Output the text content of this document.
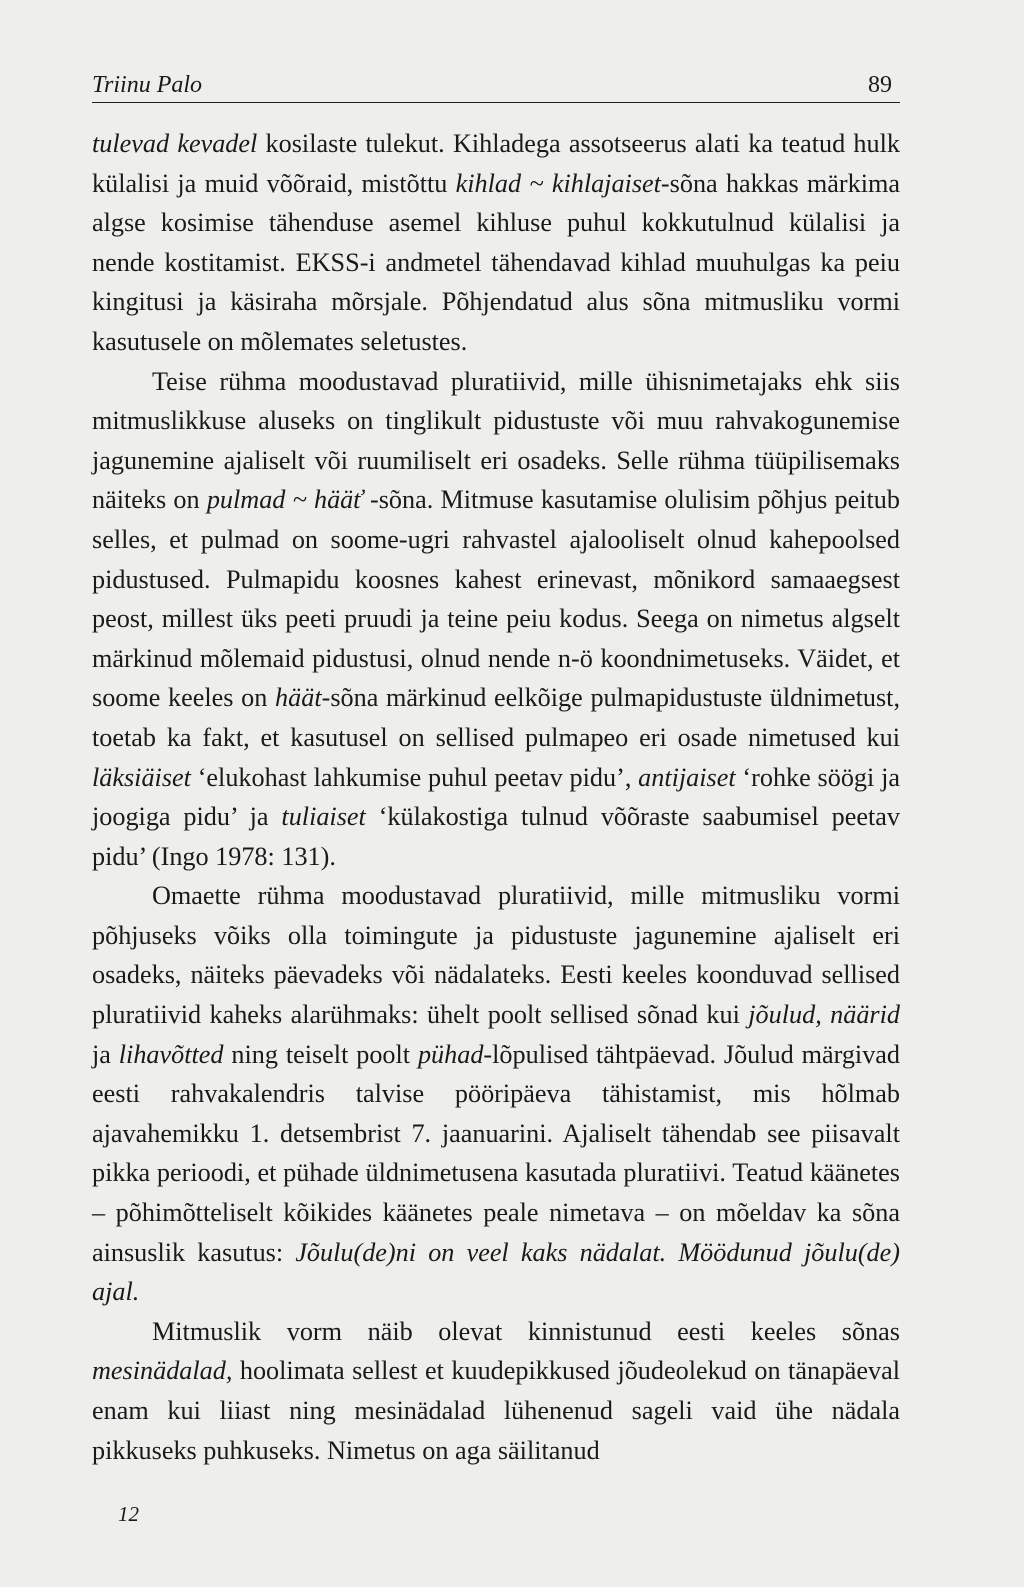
Triinu Palo	89

tulevad kevadel kosilaste tulekut. Kihladega assotseerus alati ka teatud hulk külalisi ja muid võõraid, mistõttu kihlad ~ kihlajaiset-sõna hakkas märkima algse kosimise tähenduse asemel kihluse puhul kokkutulnud külalisi ja nende kostitamist. EKSS-i andmetel tähendavad kihlad muuhulgas ka peiu kingitusi ja käsiraha mõrsjale. Põhjendatud alus sõna mitmusliku vormi kasutusele on mõlemates seletustes.

Teise rühma moodustavad pluratiivid, mille ühisnimetajaks ehk siis mitmuslikkuse aluseks on tinglikult pidustuste või muu rahvakogunemise jagunemine ajaliselt või ruumiliselt eri osadeks. Selle rühma tüüpilisemaks näiteks on pulmad ~ hääť -sõna. Mitmuse kasutamise olulisim põhjus peitub selles, et pulmad on soome-ugri rahvastel ajalooliselt olnud kahepoolsed pidustused. Pulmapidu koosnes kahest erinevast, mõnikord samaaegsest peost, millest üks peeti pruudi ja teine peiu kodus. Seega on nimetus algselt märkinud mõlemaid pidustusi, olnud nende n-ö koondnimetuseks. Väidet, et soome keeles on häät-sõna märkinud eelkõige pulmapidustuste üldnimetust, toetab ka fakt, et kasutusel on sellised pulmapeo eri osade nimetused kui läksiäiset ‘elukohast lahkumise puhul peetav pidu’, antijaiset ‘rohke söögi ja joogiga pidu’ ja tuliaiset ‘külakostiga tulnud võõraste saabumisel peetav pidu’ (Ingo 1978: 131).

Omaette rühma moodustavad pluratiivid, mille mitmusliku vormi põhjuseks võiks olla toimingute ja pidustuste jagunemine ajaliselt eri osadeks, näiteks päevadeks või nädalateks. Eesti keeles koonduvad sellised pluratiivid kaheks alarühmaks: ühelt poolt sellised sõnad kui jõulud, näärid ja lihavõtted ning teiselt poolt pühad-lõpulised tähtpäevad. Jõulud märgivad eesti rahvakalendris talvise pööripäeva tähistamist, mis hõlmab ajavahemikku 1. detsembrist 7. jaanuarini. Ajaliselt tähendab see piisavalt pikka perioodi, et pühade üldnimetusena kasutada pluratiivi. Teatud käänetes – põhimõtteliselt kõikides käänetes peale nimetava – on mõeldav ka sõna ainsuslik kasutus: Jõulu(de)ni on veel kaks nädalat. Möödunud jõulu(de) ajal.

Mitmuslik vorm näib olevat kinnistunud eesti keeles sõnas mesinädalad, hoolimata sellest et kuudepikkused jõudeolekud on tänapäeval enam kui liiast ning mesinädalad lühenenud sageli vaid ühe nädala pikkuseks puhkuseks. Nimetus on aga säilitanud

12
